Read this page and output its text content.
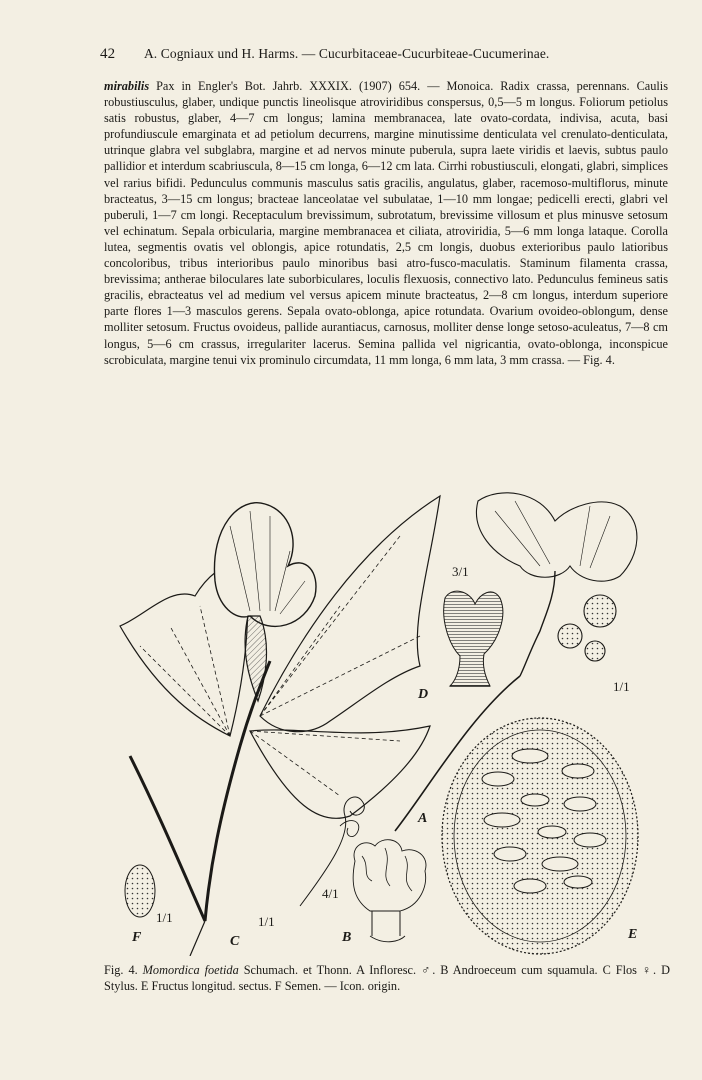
42 A. Cogniaux und H. Harms. — Cucurbitaceae-Cucurbiteae-Cucumerinae.
mirabilis Pax in Engler's Bot. Jahrb. XXXIX. (1907) 654. — Monoica. Radix crassa, perennans. Caulis robustiusculus, glaber, undique punctis lineolisque atroviridibus conspersus, 0,5—5 m longus. Foliorum petiolus satis robustus, glaber, 4—7 cm longus; lamina membranacea, late ovato-cordata, indivisa, acuta, basi profundiuscule emarginata et ad petiolum decurrens, margine minutissime denticulata vel crenulato-denticulata, utrinque glabra vel subglabra, margine et ad nervos minute puberula, supra laete viridis et laevis, subtus paulo pallidior et interdum scabriuscula, 8—15 cm longa, 6—12 cm lata. Cirrhi robustiusculi, elongati, glabri, simplices vel rarius bifidi. Pedunculus communis masculus satis gracilis, angulatus, glaber, racemoso-multiflorus, minute bracteatus, 3—15 cm longus; bracteae lanceolatae vel subulatae, 1—10 mm longae; pedicelli erecti, glabri vel puberuli, 1—7 cm longi. Receptaculum brevissimum, subrotatum, brevissime villosum et plus minusve setosum vel echinatum. Sepala orbicularia, margine membranacea et ciliata, atroviridia, 5—6 mm longa lataque. Corolla lutea, segmentis ovatis vel oblongis, apice rotundatis, 2,5 cm longis, duobus exterioribus paulo latioribus concoloribus, tribus interioribus paulo minoribus basi atro-fusco-maculatis. Staminum filamenta crassa, brevissima; antherae biloculares late suborbiculares, loculis flexuosis, connectivo lato. Pedunculus femineus satis gracilis, ebracteatus vel ad medium vel versus apicem minute bracteatus, 2—8 cm longus, interdum superiore parte flores 1—3 masculos gerens. Sepala ovato-oblonga, apice rotundata. Ovarium ovoideo-oblongum, dense molliter setosum. Fructus ovoideus, pallide aurantiacus, carnosus, molliter dense longe setoso-aculeatus, 7—8 cm longus, 5—6 cm crassus, irregulariter lacerus. Semina pallida vel nigricantia, ovato-oblonga, inconspicue scrobiculata, margine tenui vix prominulo circumdata, 11 mm longa, 6 mm lata, 3 mm crassa. — Fig. 4.
D
A
B
C	E
F
3/1
1/1
4/1
1/1
1/1
Fig. 4. Momordica foetida Schumach. et Thonn. A Infloresc. ♂. B Androeceum cum squamula. C Flos ♀. D Stylus. E Fructus longitud. sectus. F Semen. — Icon. origin.
